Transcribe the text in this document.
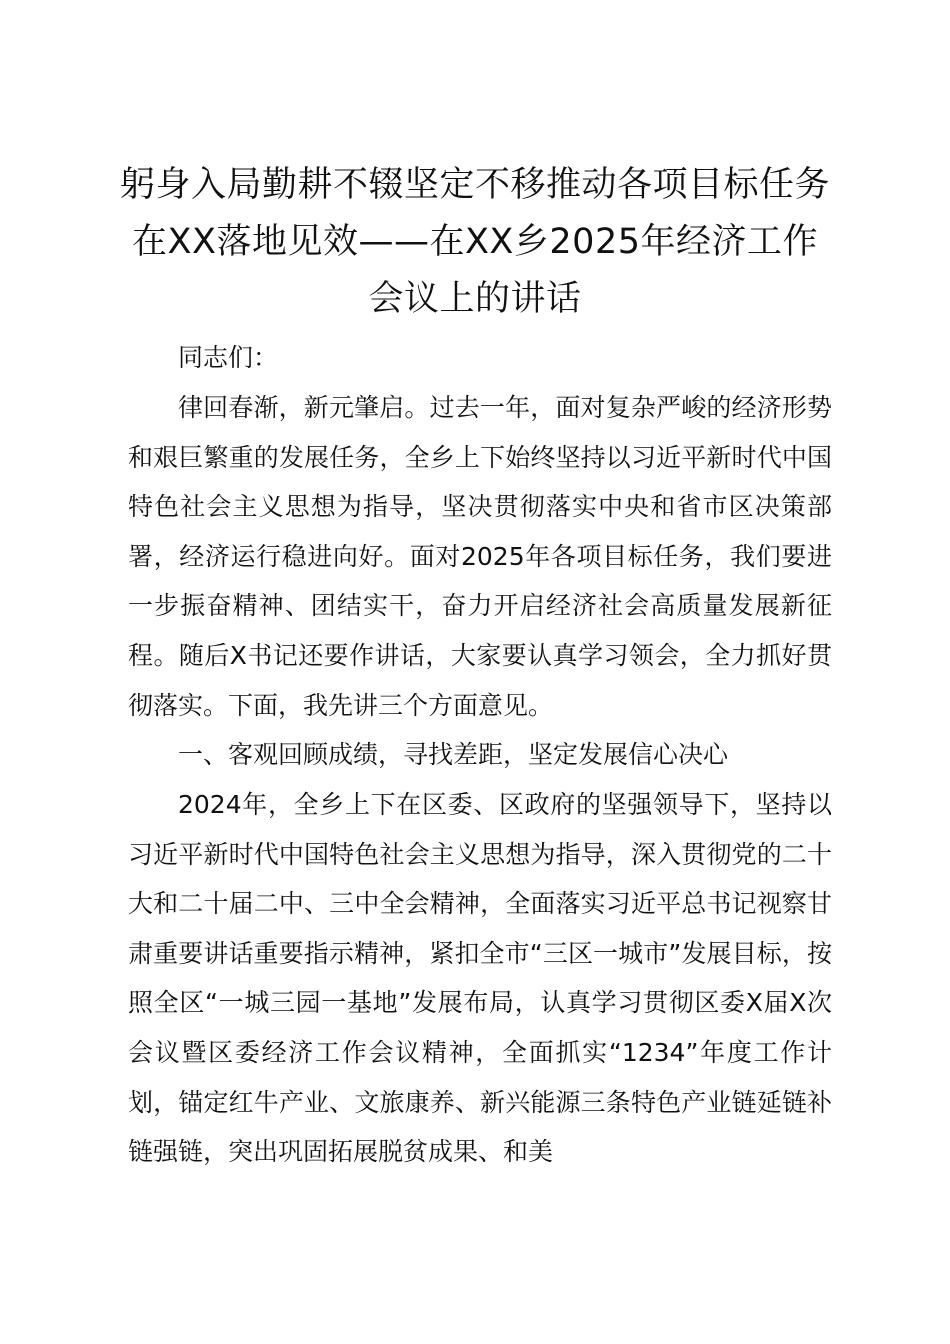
躬身入局勤耕不辍坚定不移推动各项目标任务在XX落地见效——在XX乡2025年经济工作会议上的讲话

同志们：

律回春渐，新元肇启。过去一年，面对复杂严峻的经济形势和艰巨繁重的发展任务，全乡上下始终坚持以习近平新时代中国特色社会主义思想为指导，坚决贯彻落实中央和省市区决策部署，经济运行稳进向好。面对2025年各项目标任务，我们要进一步振奋精神、团结实干，奋力开启经济社会高质量发展新征程。随后X书记还要作讲话，大家要认真学习领会，全力抓好贯彻落实。下面，我先讲三个方面意见。

一、客观回顾成绩，寻找差距，坚定发展信心决心

2024年，全乡上下在区委、区政府的坚强领导下，坚持以习近平新时代中国特色社会主义思想为指导，深入贯彻党的二十大和二十届二中、三中全会精神，全面落实习近平总书记视察甘肃重要讲话重要指示精神，紧扣全市“三区一城市”发展目标，按照全区“一城三园一基地”发展布局，认真学习贯彻区委X届X次会议暨区委经济工作会议精神，全面抓实“1234”年度工作计划，锚定红牛产业、文旅康养、新兴能源三条特色产业链延链补链强链，突出巩固拓展脱贫成果、和美
